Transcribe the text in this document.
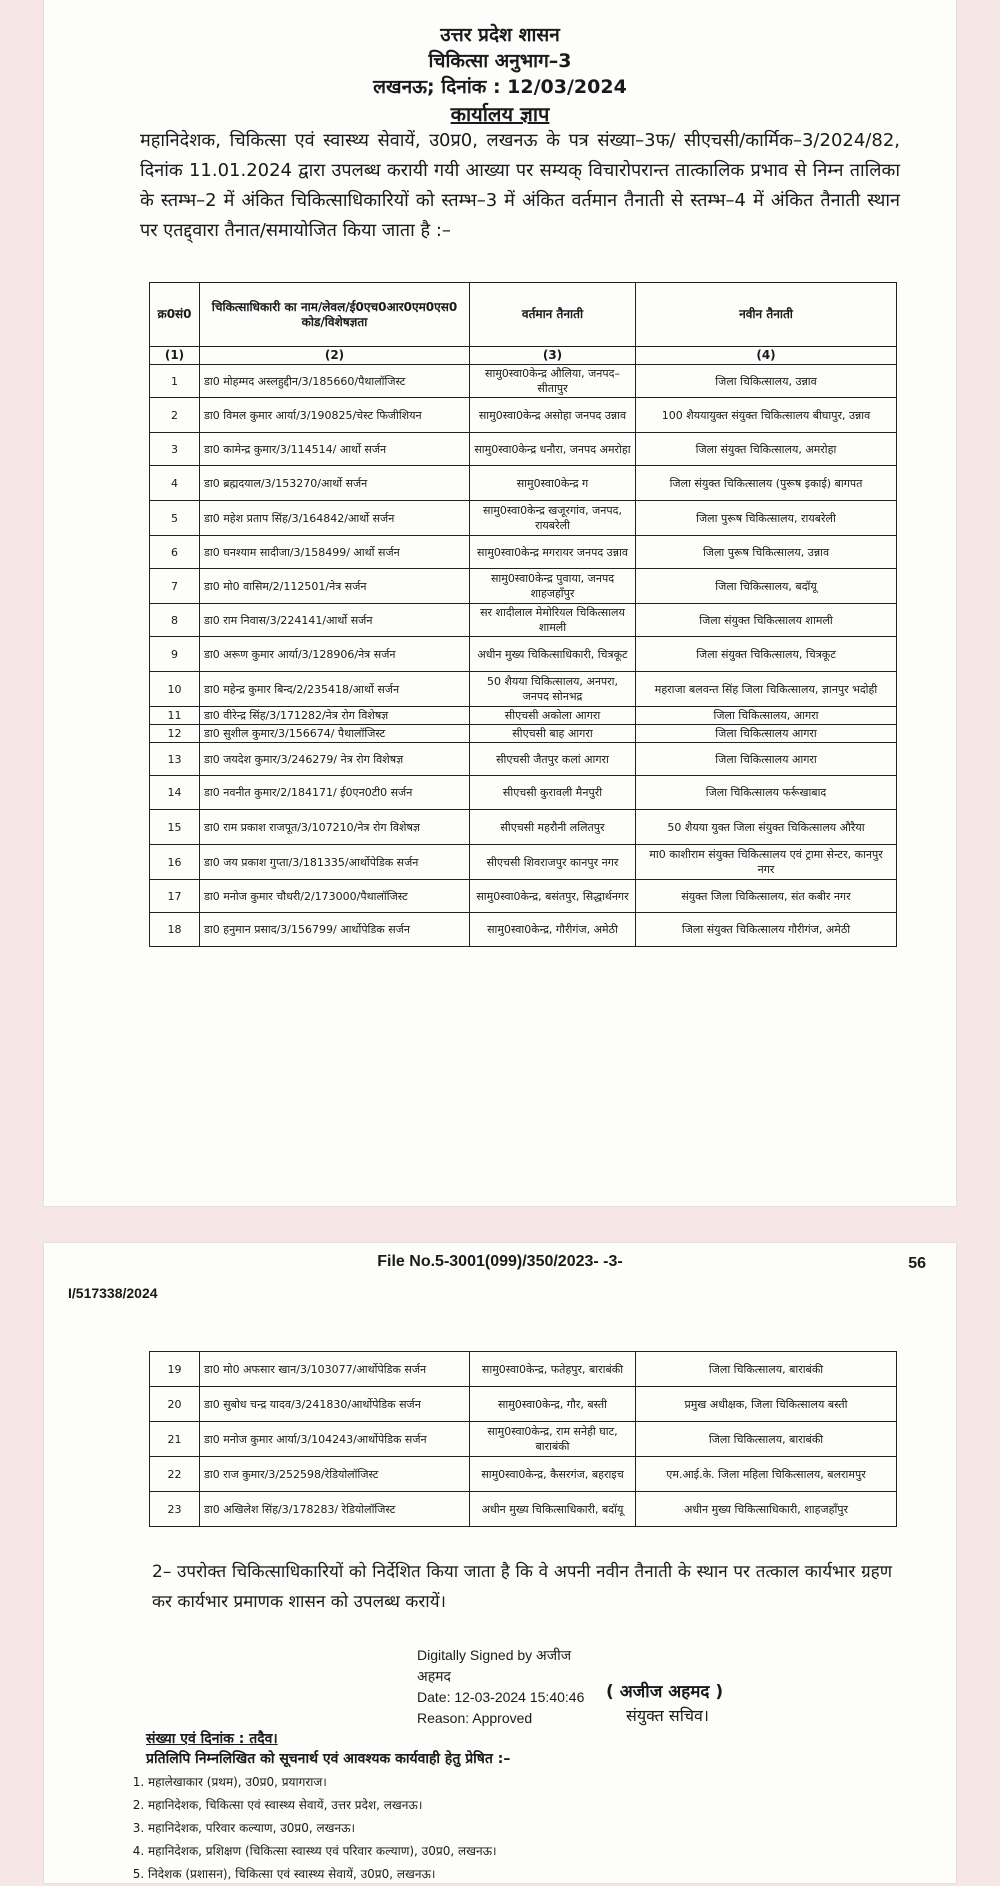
उत्तर प्रदेश शासन
चिकित्सा अनुभाग–3
लखनऊ; दिनांक : 12/03/2024
कार्यालय ज्ञाप
महानिदेशक, चिकित्सा एवं स्वास्थ्य सेवायें, उ0प्र0, लखनऊ के पत्र संख्या–3फ/ सीएचसी/कार्मिक–3/2024/82, दिनांक 11.01.2024 द्वारा उपलब्ध करायी गयी आख्या पर सम्यक् विचारोपरान्त तात्कालिक प्रभाव से निम्न तालिका के स्तम्भ–2 में अंकित चिकित्साधिकारियों को स्तम्भ–3 में अंकित वर्तमान तैनाती से स्तम्भ–4 में अंकित तैनाती स्थान पर एतद्द्वारा तैनात/समायोजित किया जाता है :–
क्र0सं0	चिकित्साधिकारी का नाम/लेवल/ई0एच0आर0एम0एस0 कोड/विशेषज्ञता	वर्तमान तैनाती	नवीन तैनाती
(1)	(2)	(3)	(4)
1	डा0 मोहम्मद अस्लहुद्दीन/3/185660/पैथालॉजिस्ट	सामु0स्वा0केन्द्र औलिया, जनपद– सीतापुर	जिला चिकित्सालय, उन्नाव
2	डा0 विमल कुमार आर्या/3/190825/चेस्ट फिजीशियन	सामु0स्वा0केन्द्र असोहा जनपद उन्नाव	100 शैययायुक्त संयुक्त चिकित्सालय बीघापुर, उन्नाव
3	डा0 कामेन्द्र कुमार/3/114514/ आर्थो सर्जन	सामु0स्वा0केन्द्र धनौरा, जनपद अमरोहा	जिला संयुक्त चिकित्सालय, अमरोहा
4	डा0 ब्रह्मदयाल/3/153270/आर्थो सर्जन	सामु0स्वा0केन्द्र ग	जिला संयुक्त चिकित्सालय (पुरूष इकाई) बागपत
5	डा0 महेश प्रताप सिंह/3/164842/आर्थो सर्जन	सामु0स्वा0केन्द्र खजूरगांव, जनपद, रायबरेली	जिला पुरूष चिकित्सालय, रायबरेली
6	डा0 घनश्याम सादीजा/3/158499/ आर्थो सर्जन	सामु0स्वा0केन्द्र मगरायर जनपद उन्नाव	जिला पुरूष चिकित्सालय, उन्नाव
7	डा0 मो0 वासिम/2/112501/नेत्र सर्जन	सामु0स्वा0केन्द्र पुवाया, जनपद शाहजहाँपुर	जिला चिकित्सालय, बदॉयू
8	डा0 राम निवास/3/224141/आर्थो सर्जन	सर शादीलाल मेमोरियल चिकित्सालय शामली	जिला संयुक्त चिकित्सालय शामली
9	डा0 अरूण कुमार आर्या/3/128906/नेत्र सर्जन	अधीन मुख्य चिकित्साधिकारी, चित्रकूट	जिला संयुक्त चिकित्सालय, चित्रकूट
10	डा0 महेन्द्र कुमार बिन्द/2/235418/आर्थो सर्जन	50 शैयया चिकित्सालय, अनपरा, जनपद सोनभद्र	महराजा बलवन्त सिंह जिला चिकित्सालय, ज्ञानपुर भदोही
11	डा0 वीरेन्द्र सिंह/3/171282/नेत्र रोग विशेषज्ञ	सीएचसी अकोला आगरा	जिला चिकित्सालय, आगरा
12	डा0 सुशील कुमार/3/156674/ पैथालॉजिस्ट	सीएचसी बाह आगरा	जिला चिकित्सालय आगरा
13	डा0 जयदेश कुमार/3/246279/ नेत्र रोग विशेषज्ञ	सीएचसी जैतपुर कलां आगरा	जिला चिकित्सालय आगरा
14	डा0 नवनीत कुमार/2/184171/ ई0एन0टी0 सर्जन	सीएचसी कुरावली मैनपुरी	जिला चिकित्सालय फर्रूखाबाद
15	डा0 राम प्रकाश राजपूत/3/107210/नेत्र रोग विशेषज्ञ	सीएचसी महरौनी ललितपुर	50 शैयया युक्त जिला संयुक्त चिकित्सालय औरैया
16	डा0 जय प्रकाश गुप्ता/3/181335/आर्थोपेडिक सर्जन	सीएचसी शिवराजपुर कानपुर नगर	मा0 काशीराम संयुक्त चिकित्सालय एवं ट्रामा सेन्टर, कानपुर नगर
17	डा0 मनोज कुमार चौधरी/2/173000/पैथालॉजिस्ट	सामु0स्वा0केन्द्र, बसंतपुर, सिद्धार्थनगर	संयुक्त जिला चिकित्सालय, संत कबीर नगर
18	डा0 हनुमान प्रसाद/3/156799/ आर्थोपेडिक सर्जन	सामु0स्वा0केन्द्र, गौरीगंज, अमेठी	जिला संयुक्त चिकित्सालय गौरीगंज, अमेठी
File No.5-3001(099)/350/2023- -3-	56
I/517338/2024
19	डा0 मो0 अफसार खान/3/103077/आर्थोपेडिक सर्जन	सामु0स्वा0केन्द्र, फतेहपुर, बाराबंकी	जिला चिकित्सालय, बाराबंकी
20	डा0 सुबोध चन्द्र यादव/3/241830/आर्थोपेडिक सर्जन	सामु0स्वा0केन्द्र, गौर, बस्ती	प्रमुख अधीक्षक, जिला चिकित्सालय बस्ती
21	डा0 मनोज कुमार आर्या/3/104243/आर्थोपेडिक सर्जन	सामु0स्वा0केन्द्र, राम सनेही घाट, बाराबंकी	जिला चिकित्सालय, बाराबंकी
22	डा0 राज कुमार/3/252598/रेडियोलॉजिस्ट	सामु0स्वा0केन्द्र, कैसरगंज, बहराइच	एम.आई.के. जिला महिला चिकित्सालय, बलरामपुर
23	डा0 अखिलेश सिंह/3/178283/ रेडियोलॉजिस्ट	अधीन मुख्य चिकित्साधिकारी, बदॉयू	अधीन मुख्य चिकित्साधिकारी, शाहजहाँपुर
2– उपरोक्त चिकित्साधिकारियों को निर्देशित किया जाता है कि वे अपनी नवीन तैनाती के स्थान पर तत्काल कार्यभार ग्रहण कर कार्यभार प्रमाणक शासन को उपलब्ध करायें।
Digitally Signed by अजीज
अहमद
Date: 12-03-2024 15:40:46
Reason: Approved
( अजीज अहमद )
संयुक्त सचिव।
संख्या एवं दिनांक : तदैव।
प्रतिलिपि निम्नलिखित को सूचनार्थ एवं आवश्यक कार्यवाही हेतु प्रेषित :–
1. महालेखाकार (प्रथम), उ0प्र0, प्रयागराज।
2. महानिदेशक, चिकित्सा एवं स्वास्थ्य सेवायें, उत्तर प्रदेश, लखनऊ।
3. महानिदेशक, परिवार कल्याण, उ0प्र0, लखनऊ।
4. महानिदेशक, प्रशिक्षण (चिकित्सा स्वास्थ्य एवं परिवार कल्याण), उ0प्र0, लखनऊ।
5. निदेशक (प्रशासन), चिकित्सा एवं स्वास्थ्य सेवायें, उ0प्र0, लखनऊ।
